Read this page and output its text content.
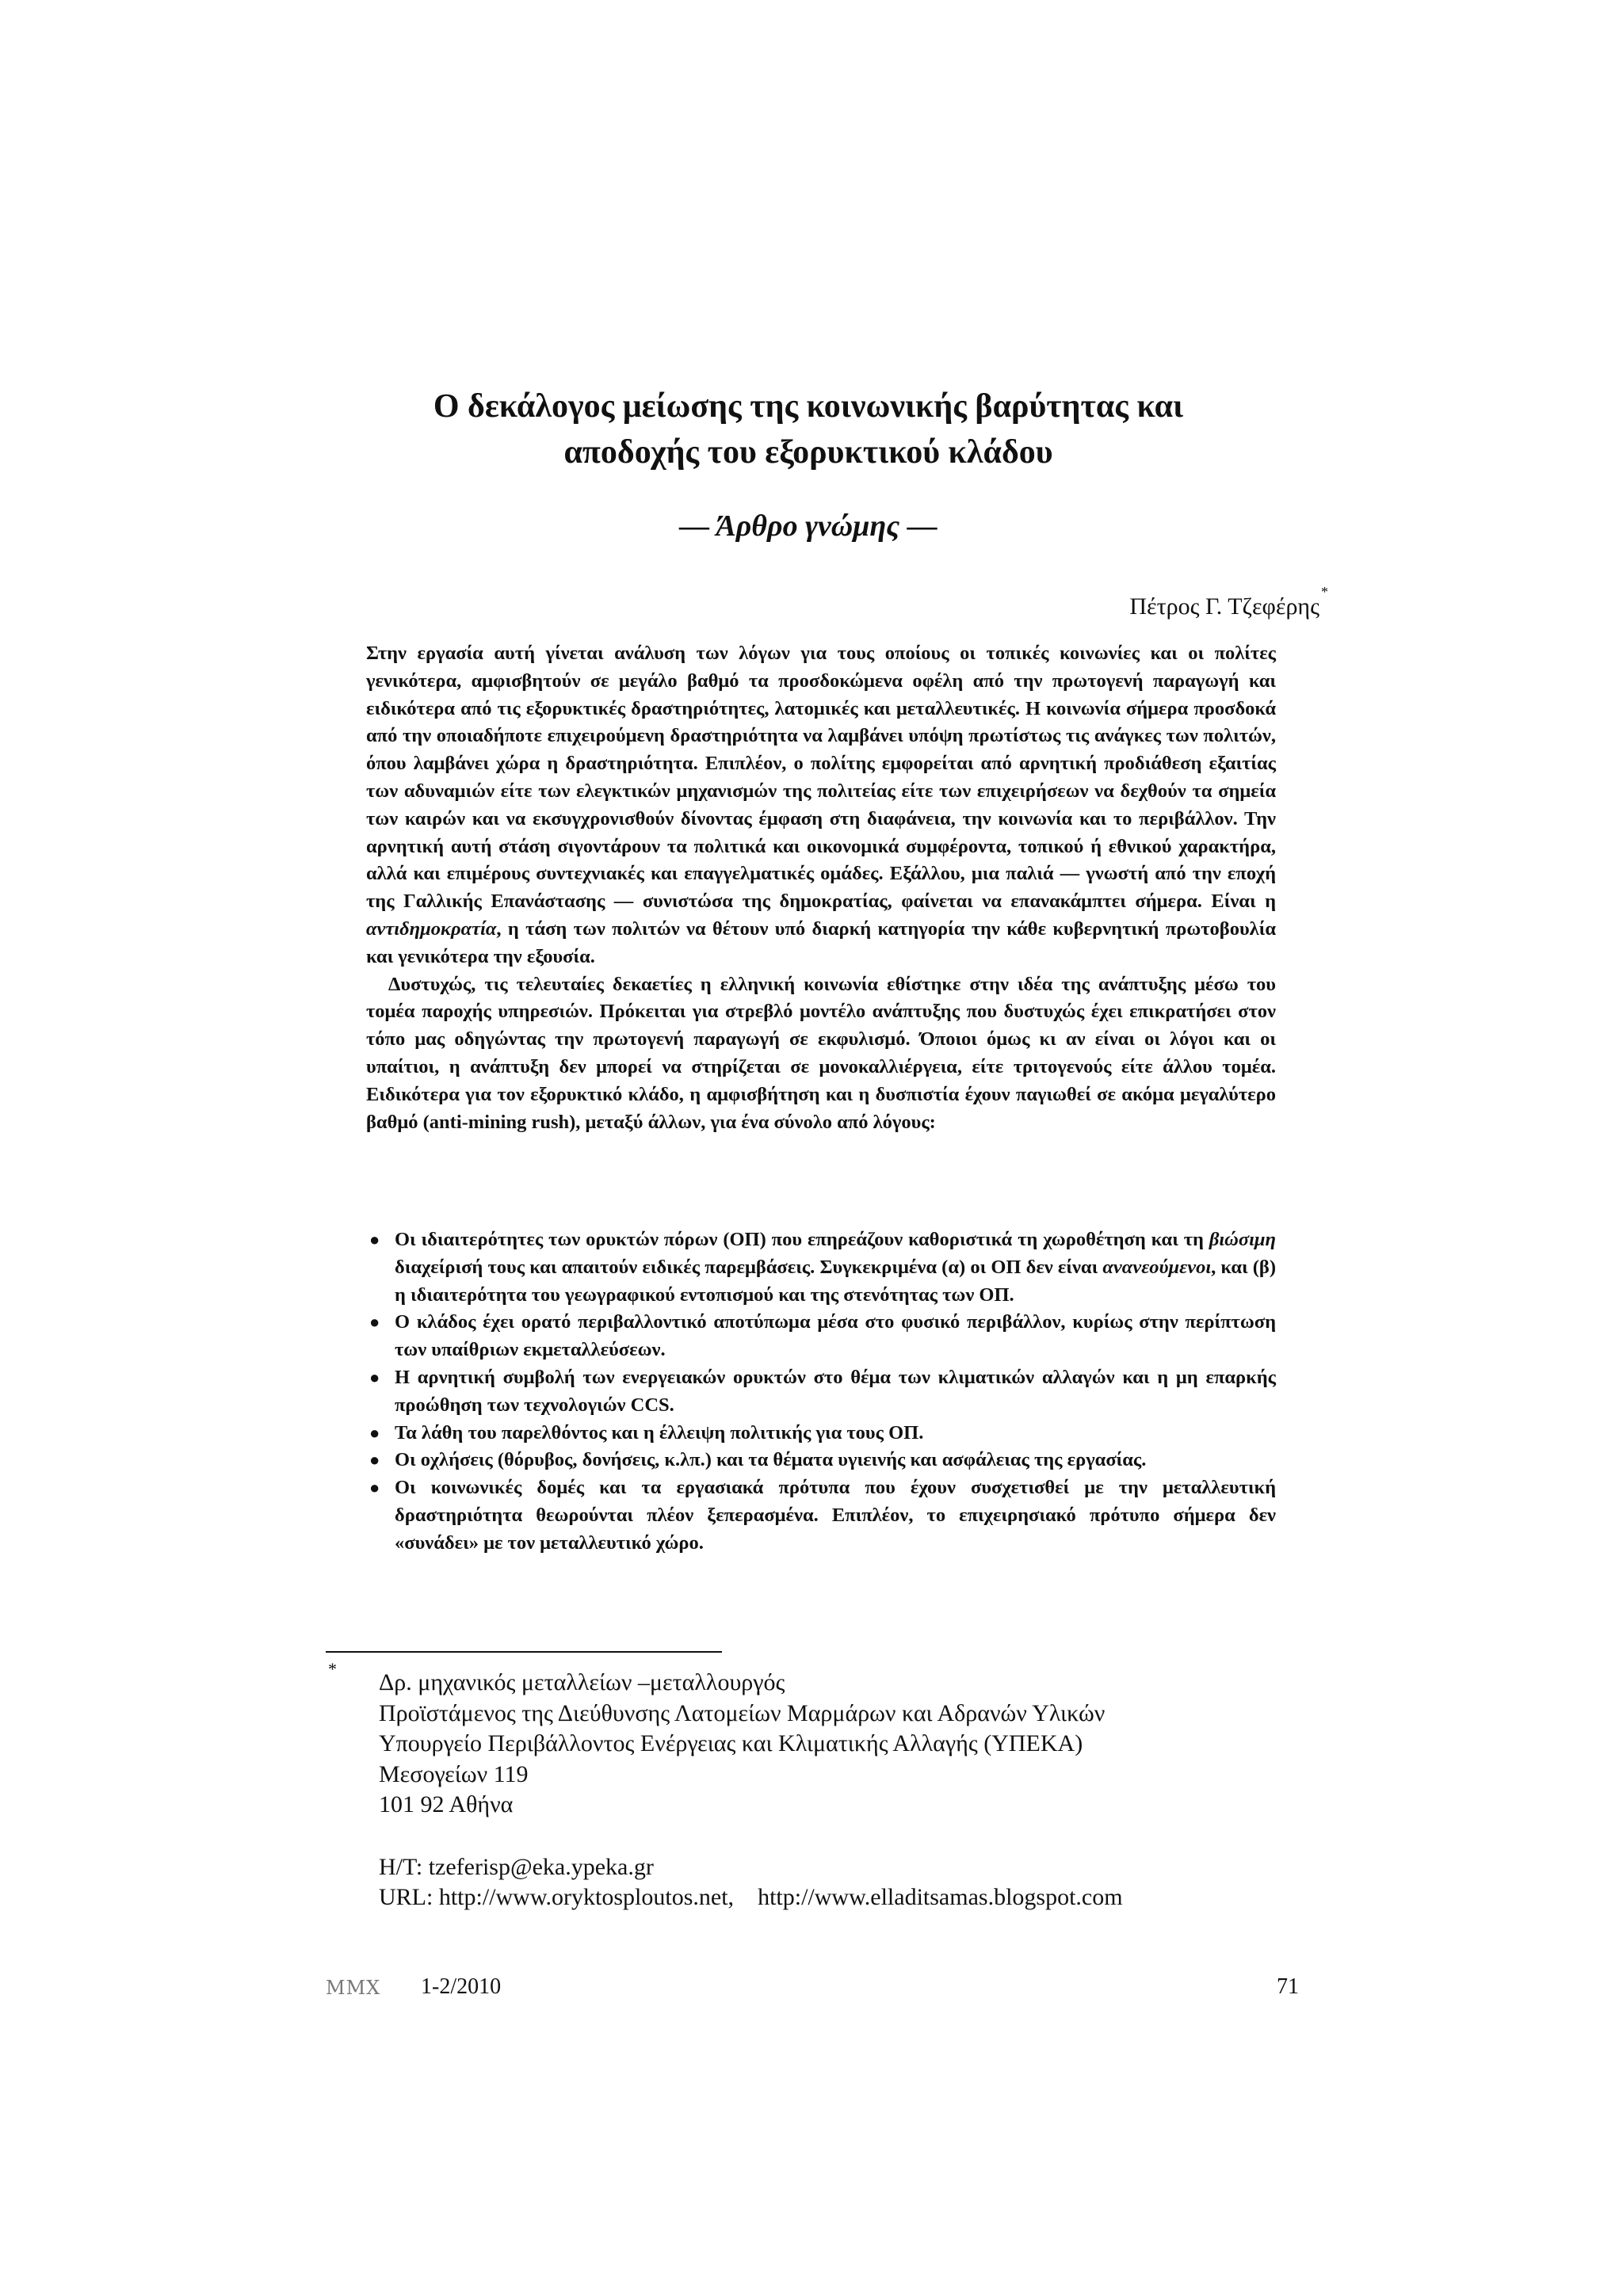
Ο δεκάλογος μείωσης της κοινωνικής βαρύτητας και
αποδοχής του εξορυκτικού κλάδου
— Άρθρο γνώμης —
Πέτρος Γ. Τζεφέρης*

Στην εργασία αυτή γίνεται ανάλυση των λόγων για τους οποίους οι τοπικές κοινωνίες και οι πολίτες γενικότερα, αμφισβητούν σε μεγάλο βαθμό τα προσδοκώμενα οφέλη από την πρωτογενή παραγωγή και ειδικότερα από τις εξορυκτικές δραστηριότητες, λατομικές και μεταλλευτικές. Η κοινωνία σήμερα προσδοκά από την οποιαδήποτε επιχειρούμενη δραστηριότητα να λαμβάνει υπόψη πρωτίστως τις ανάγκες των πολιτών, όπου λαμβάνει χώρα η δραστηριότητα. Επιπλέον, ο πολίτης εμφορείται από αρνητική προδιάθεση εξαιτίας των αδυναμιών είτε των ελεγκτικών μηχανισμών της πολιτείας είτε των επιχειρήσεων να δεχθούν τα σημεία των καιρών και να εκσυγχρονισθούν δίνοντας έμφαση στη διαφάνεια, την κοινωνία και το περιβάλλον. Την αρνητική αυτή στάση σιγοντάρουν τα πολιτικά και οικονομικά συμφέροντα, τοπικού ή εθνικού χαρακτήρα, αλλά και επιμέρους συντεχνιακές και επαγγελματικές ομάδες. Εξάλλου, μια παλιά — γνωστή από την εποχή της Γαλλικής Επανάστασης — συνιστώσα της δημοκρατίας, φαίνεται να επανακάμπτει σήμερα. Είναι η αντιδημοκρατία, η τάση των πολιτών να θέτουν υπό διαρκή κατηγορία την κάθε κυβερνητική πρωτοβουλία και γενικότερα την εξουσία.

Δυστυχώς, τις τελευταίες δεκαετίες η ελληνική κοινωνία εθίστηκε στην ιδέα της ανάπτυξης μέσω του τομέα παροχής υπηρεσιών. Πρόκειται για στρεβλό μοντέλο ανάπτυξης που δυστυχώς έχει επικρατήσει στον τόπο μας οδηγώντας την πρωτογενή παραγωγή σε εκφυλισμό. Όποιοι όμως κι αν είναι οι λόγοι και οι υπαίτιοι, η ανάπτυξη δεν μπορεί να στηρίζεται σε μονοκαλλιέργεια, είτε τριτογενούς είτε άλλου τομέα. Ειδικότερα για τον εξορυκτικό κλάδο, η αμφισβήτηση και η δυσπιστία έχουν παγιωθεί σε ακόμα μεγαλύτερο βαθμό (anti-mining rush), μεταξύ άλλων, για ένα σύνολο από λόγους:

● Οι ιδιαιτερότητες των ορυκτών πόρων (ΟΠ) που επηρεάζουν καθοριστικά τη χωροθέτηση και τη βιώσιμη διαχείρισή τους και απαιτούν ειδικές παρεμβάσεις. Συγκεκριμένα (α) οι ΟΠ δεν είναι ανανεούμενοι, και (β) η ιδιαιτερότητα του γεωγραφικού εντοπισμού και της στενότητας των ΟΠ.
● Ο κλάδος έχει ορατό περιβαλλοντικό αποτύπωμα μέσα στο φυσικό περιβάλλον, κυρίως στην περίπτωση των υπαίθριων εκμεταλλεύσεων.
● Η αρνητική συμβολή των ενεργειακών ορυκτών στο θέμα των κλιματικών αλλαγών και η μη επαρκής προώθηση των τεχνολογιών CCS.
● Τα λάθη του παρελθόντος και η έλλειψη πολιτικής για τους ΟΠ.
● Οι οχλήσεις (θόρυβος, δονήσεις, κ.λπ.) και τα θέματα υγιεινής και ασφάλειας της εργασίας.
● Οι κοινωνικές δομές και τα εργασιακά πρότυπα που έχουν συσχετισθεί με την μεταλλευτική δραστηριότητα θεωρούνται πλέον ξεπερασμένα. Επιπλέον, το επιχειρησιακό πρότυπο σήμερα δεν «συνάδει» με τον μεταλλευτικό χώρο.
*
Δρ. μηχανικός μεταλλείων –μεταλλουργός
Προϊστάμενος της Διεύθυνσης Λατομείων Μαρμάρων και Αδρανών Υλικών
Υπουργείο Περιβάλλοντος Ενέργειας και Κλιματικής Αλλαγής (ΥΠΕΚΑ)
Μεσογείων 119
101 92 Αθήνα
Η/Τ: tzeferisp@eka.ypeka.gr
URL: http://www.oryktosploutos.net, http://www.elladitsamas.blogspot.com
ΜΜΧ 1-2/2010	71
